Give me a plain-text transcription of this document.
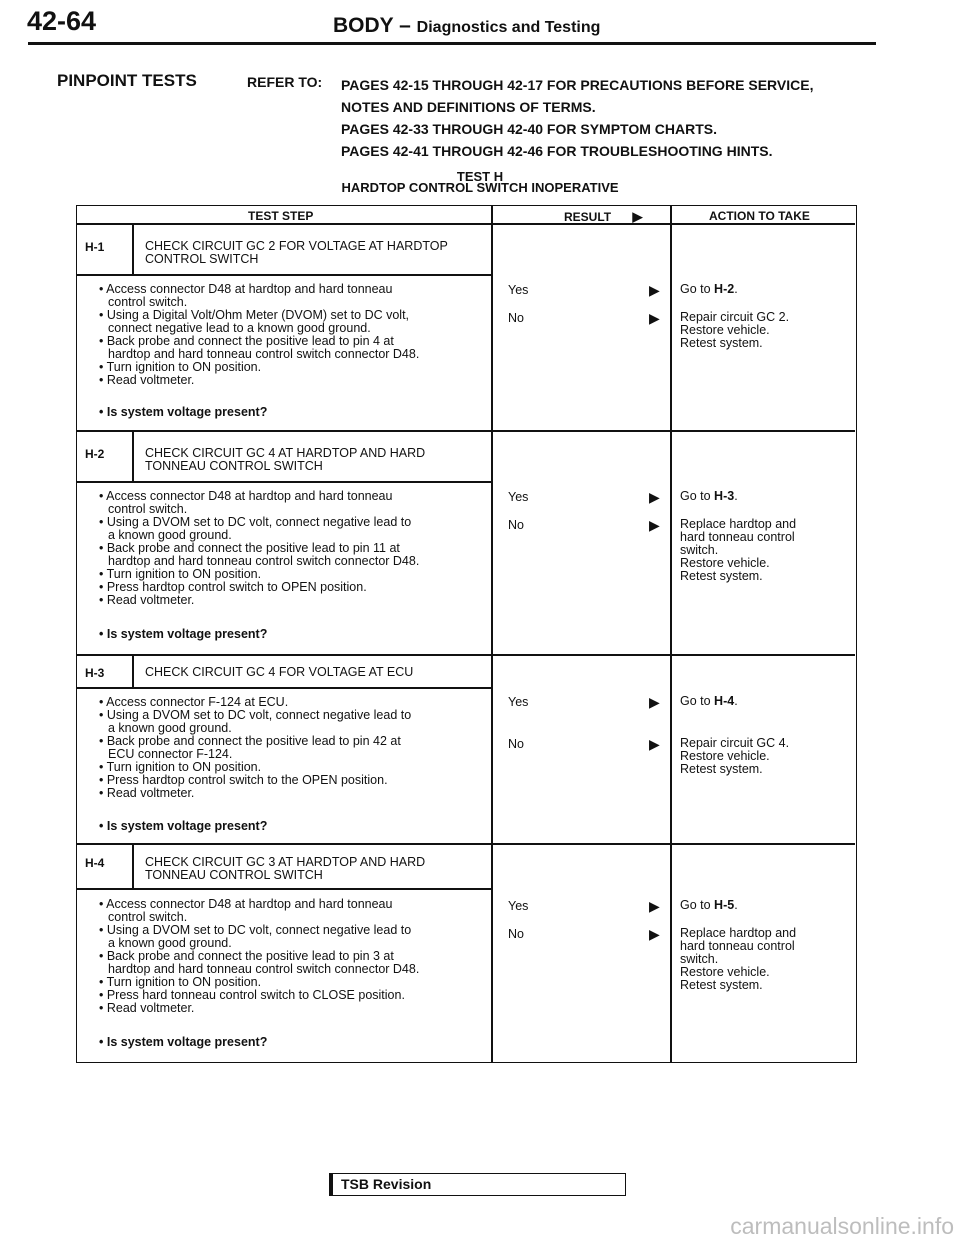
42-64	BODY – Diagnostics and Testing
PINPOINT TESTS	REFER TO: PAGES 42-15 THROUGH 42-17 FOR PRECAUTIONS BEFORE SERVICE,
NOTES AND DEFINITIONS OF TERMS.
PAGES 42-33 THROUGH 42-40 FOR SYMPTOM CHARTS.
PAGES 42-41 THROUGH 42-46 FOR TROUBLESHOOTING HINTS.
TEST H
HARDTOP CONTROL SWITCH INOPERATIVE
TEST STEP	RESULT ▶	ACTION TO TAKE
H-1	CHECK CIRCUIT GC 2 FOR VOLTAGE AT HARDTOP
CONTROL SWITCH
• Access connector D48 at hardtop and hard tonneau
control switch.
• Using a Digital Volt/Ohm Meter (DVOM) set to DC volt,
connect negative lead to a known good ground.
• Back probe and connect the positive lead to pin 4 at
hardtop and hard tonneau control switch connector D48.
• Turn ignition to ON position.
• Read voltmeter.
• Is system voltage present?
Yes	▶ Go to H-2.
No	▶ Repair circuit GC 2.
Restore vehicle.
Retest system.
H-2	CHECK CIRCUIT GC 4 AT HARDTOP AND HARD
TONNEAU CONTROL SWITCH
• Access connector D48 at hardtop and hard tonneau
control switch.
• Using a DVOM set to DC volt, connect negative lead to
a known good ground.
• Back probe and connect the positive lead to pin 11 at
hardtop and hard tonneau control switch connector D48.
• Turn ignition to ON position.
• Press hardtop control switch to OPEN position.
• Read voltmeter.
• Is system voltage present?
Yes	▶ Go to H-3.
No	▶ Replace hardtop and
hard tonneau control
switch.
Restore vehicle.
Retest system.
H-3	CHECK CIRCUIT GC 4 FOR VOLTAGE AT ECU
• Access connector F-124 at ECU.
• Using a DVOM set to DC volt, connect negative lead to
a known good ground.
• Back probe and connect the positive lead to pin 42 at
ECU connector F-124.
• Turn ignition to ON position.
• Press hardtop control switch to the OPEN position.
• Read voltmeter.
• Is system voltage present?
Yes	▶ Go to H-4.
No	▶ Repair circuit GC 4.
Restore vehicle.
Retest system.
H-4	CHECK CIRCUIT GC 3 AT HARDTOP AND HARD
TONNEAU CONTROL SWITCH
• Access connector D48 at hardtop and hard tonneau
control switch.
• Using a DVOM set to DC volt, connect negative lead to
a known good ground.
• Back probe and connect the positive lead to pin 3 at
hardtop and hard tonneau control switch connector D48.
• Turn ignition to ON position.
• Press hard tonneau control switch to CLOSE position.
• Read voltmeter.
• Is system voltage present?
Yes	▶ Go to H-5.
No	▶ Replace hardtop and
hard tonneau control
switch.
Restore vehicle.
Retest system.
TSB Revision
carmanualsonline.info
